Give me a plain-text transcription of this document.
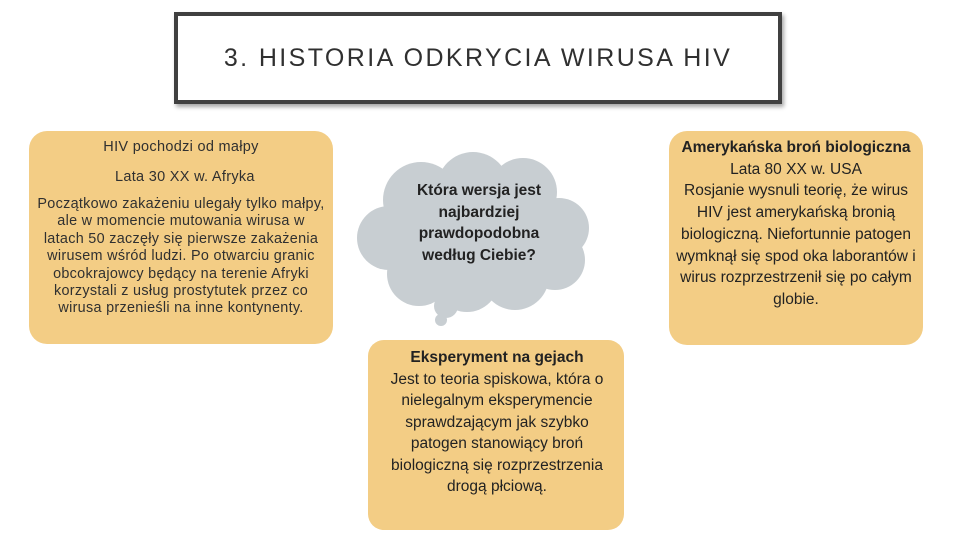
3. HISTORIA ODKRYCIA WIRUSA HIV
HIV pochodzi od małpy
Lata 30 XX w. Afryka
Początkowo zakażeniu ulegały tylko małpy, ale w momencie mutowania wirusa w latach 50 zaczęły się pierwsze zakażenia wirusem wśród ludzi. Po otwarciu granic obcokrajowcy będący na terenie Afryki korzystali z usług prostytutek przez co wirusa przenieśli na inne kontynenty.
Która wersja jest najbardziej prawdopodobna według Ciebie?
Eksperyment na gejach
Jest to teoria spiskowa, która o nielegalnym eksperymencie sprawdzającym jak szybko patogen stanowiący broń biologiczną się rozprzestrzenia drogą płciową.
Amerykańska broń biologiczna
Lata 80 XX w. USA
Rosjanie wysnuli teorię, że wirus HIV jest amerykańską bronią biologiczną. Niefortunnie patogen wymknął się spod oka laborantów i wirus rozprzestrzenił się po całym globie.
